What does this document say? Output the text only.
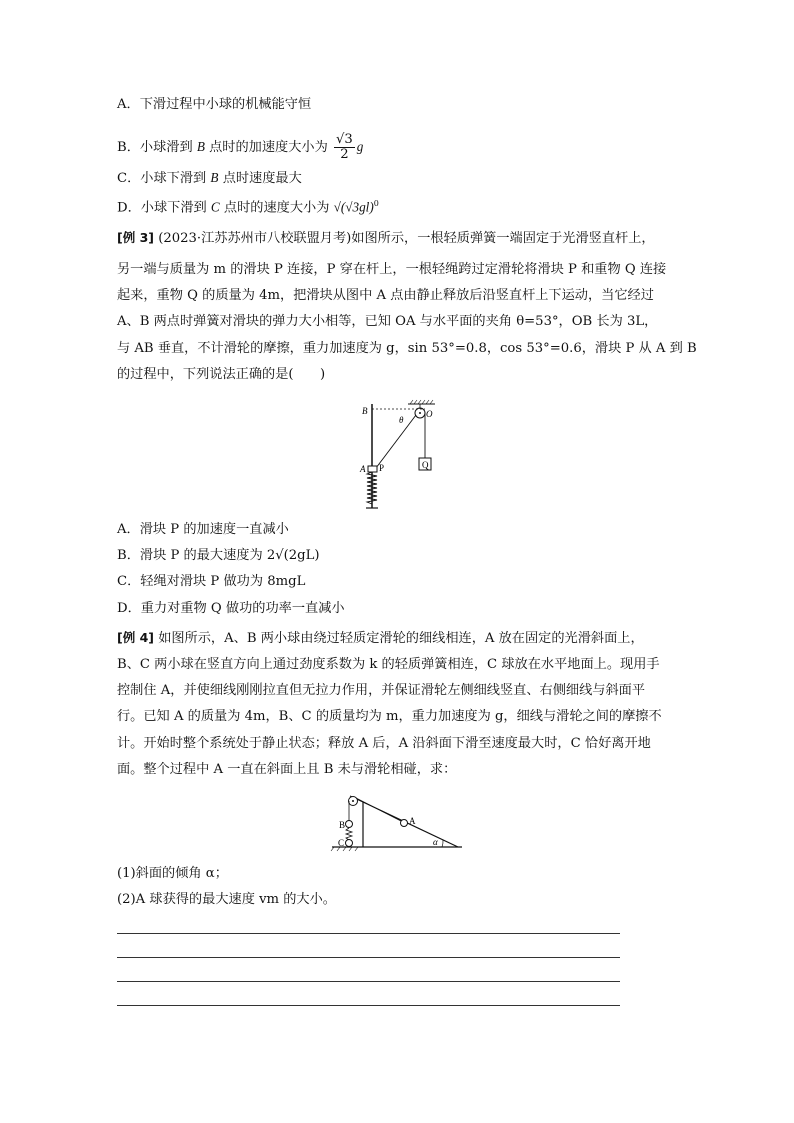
A．下滑过程中小球的机械能守恒
B．小球滑到 B 点时的加速度大小为 $\frac{√3}{2}$ g
C．小球下滑到 B 点时速度最大
D．小球下滑到 C 点时的速度大小为 $√(√3gl)^0$
[例 3] (2023·江苏苏州市八校联盟月考)如图所示，一根轻质弹簧一端固定于光滑竖直杆上，
另一端与质量为 m 的滑块 P 连接，P 穿在杆上，一根轻绳跨过定滑轮将滑块 P 和重物 Q 连接
起来，重物 Q 的质量为 4m，把滑块从图中 A 点由静止释放后沿竖直杆上下运动，当它经过
A、B 两点时弹簧对滑块的弹力大小相等，已知 OA 与水平面的夹角 θ=53°，OB 长为 3L，
与 AB 垂直，不计滑轮的摩擦，重力加速度为 g，sin 53°=0.8，cos 53°=0.6，滑块 P 从 A 到 B
的过程中，下列说法正确的是(　　)
Q
B	O
θ
A P
A．滑块 P 的加速度一直减小
B．滑块 P 的最大速度为 2√(2gL)
C．轻绳对滑块 P 做功为 8mgL
D．重力对重物 Q 做功的功率一直减小
[例 4] 如图所示，A、B 两小球由绕过轻质定滑轮的细线相连，A 放在固定的光滑斜面上，
B、C 两小球在竖直方向上通过劲度系数为 k 的轻质弹簧相连，C 球放在水平地面上。现用手
控制住 A，并使细线刚刚拉直但无拉力作用，并保证滑轮左侧细线竖直、右侧细线与斜面平
行。已知 A 的质量为 4m，B、C 的质量均为 m，重力加速度为 g，细线与滑轮之间的摩擦不
计。开始时整个系统处于静止状态；释放 A 后，A 沿斜面下滑至速度最大时，C 恰好离开地
面。整个过程中 A 一直在斜面上且 B 未与滑轮相碰，求：
A
B
C	α
(1)斜面的倾角 α；
(2)A 球获得的最大速度 vm 的大小。
